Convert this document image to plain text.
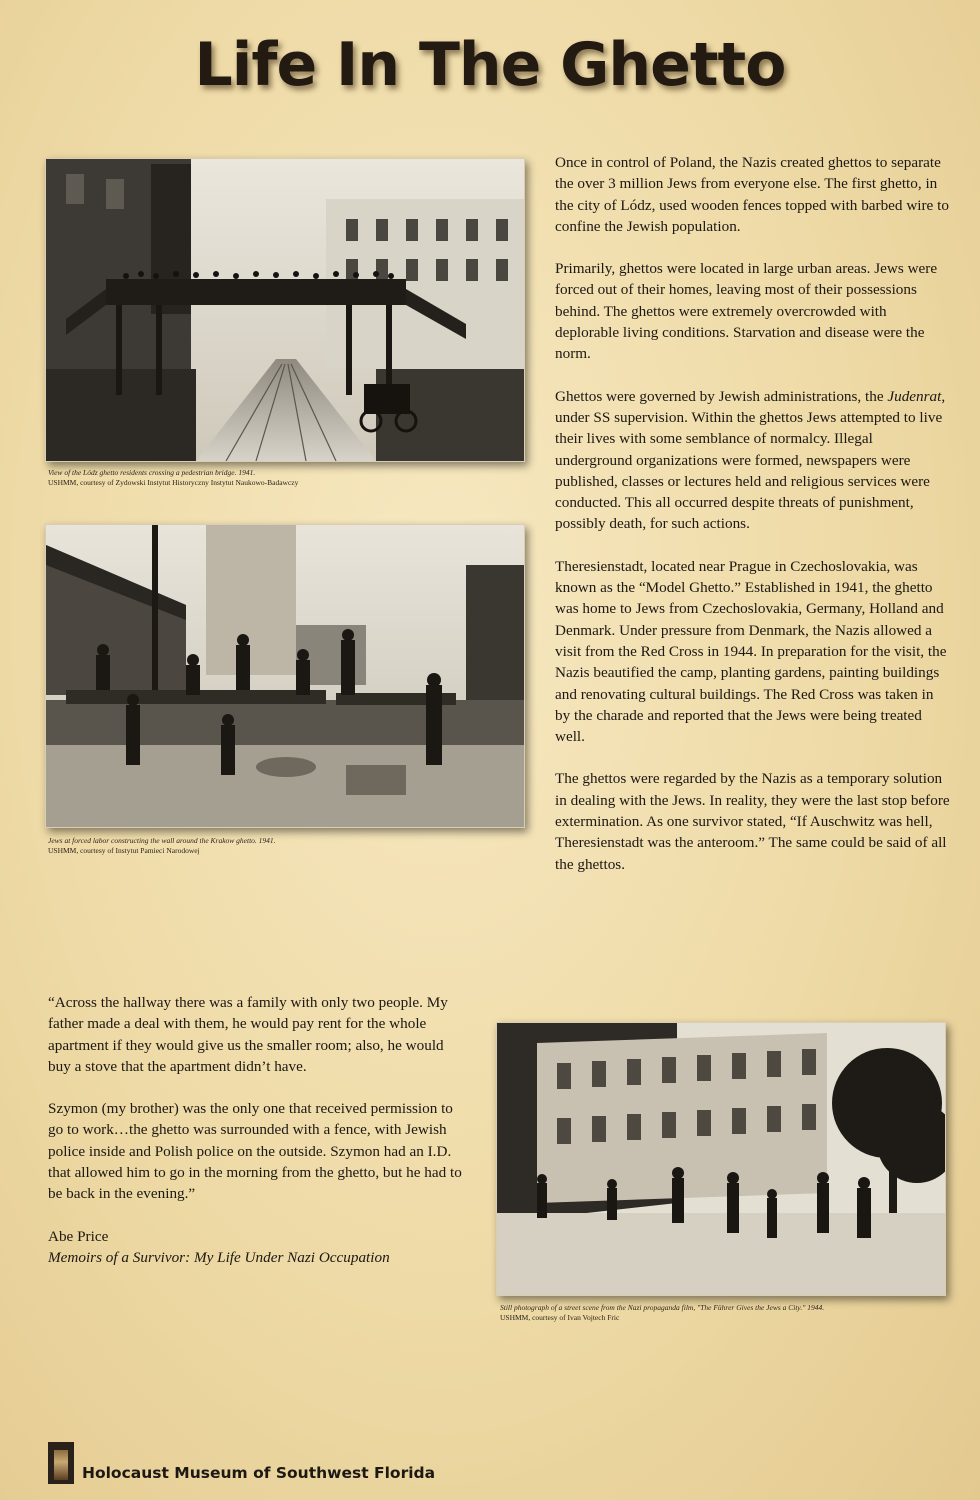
Life In The Ghetto
View of the Lódz ghetto residents crossing a pedestrian bridge. 1941.
USHMM, courtesy of Zydowski Instytut Historyczny Instytut Naukowo-Badawczy
Jews at forced labor constructing the wall around the Krakow ghetto. 1941.
USHMM, courtesy of Instytut Pamieci Narodowej

Once in control of Poland, the Nazis created ghettos to separate the over 3 million Jews from everyone else. The first ghetto, in the city of Lódz, used wooden fences topped with barbed wire to confine the Jewish population.

Primarily, ghettos were located in large urban areas. Jews were forced out of their homes, leaving most of their possessions behind. The ghettos were extremely overcrowded with deplorable living conditions. Starvation and disease were the norm.

Ghettos were governed by Jewish administrations, the Judenrat, under SS supervision. Within the ghettos Jews attempted to live their lives with some semblance of normalcy. Illegal underground organizations were formed, newspapers were published, classes or lectures held and religious services were conducted. This all occurred despite threats of punishment, possibly death, for such actions.

Theresienstadt, located near Prague in Czechoslovakia, was known as the “Model Ghetto.” Established in 1941, the ghetto was home to Jews from Czechoslovakia, Germany, Holland and Denmark. Under pressure from Denmark, the Nazis allowed a visit from the Red Cross in 1944. In preparation for the visit, the Nazis beautified the camp, planting gardens, painting buildings and renovating cultural buildings. The Red Cross was taken in by the charade and reported that the Jews were being treated well.

The ghettos were regarded by the Nazis as a temporary solution in dealing with the Jews. In reality, they were the last stop before extermination. As one survivor stated, “If Auschwitz was hell, Theresienstadt was the anteroom.” The same could be said of all the ghettos.

“Across the hallway there was a family with only two people. My father made a deal with them, he would pay rent for the whole apartment if they would give us the smaller room; also, he would buy a stove that the apartment didn’t have.

Szymon (my brother) was the only one that received permission to go to work…the ghetto was surrounded with a fence, with Jewish police inside and Polish police on the outside. Szymon had an I.D. that allowed him to go in the morning from the ghetto, but he had to be back in the evening.”

Abe Price
Memoirs of a Survivor: My Life Under Nazi Occupation

Still photograph of a street scene from the Nazi propaganda film, "The Führer Gives the Jews a City." 1944.
USHMM, courtesy of Ivan Vojtech Fric
Holocaust Museum of Southwest Florida
